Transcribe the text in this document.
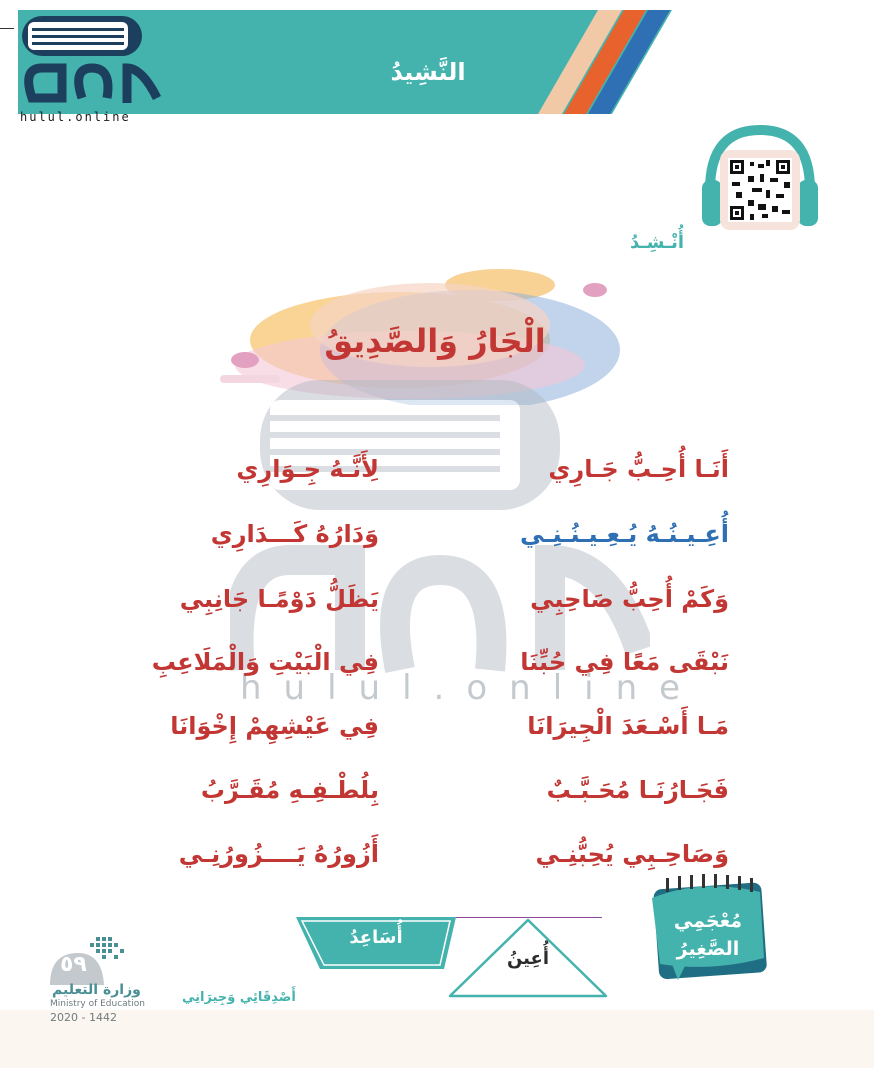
النَّشِيدُ
hulul.online
أُنْـشِـدُ
الْجَارُ وَالصَّدِيقُ
hulul.online
أَنَـا أُحِـبُّ جَـارِي
لِأَنَّـهُ جِـوَارِي
أُعِـيـنُـهُ يُـعِـيـنُـنِـي
وَدَارُهُ كَـــدَارِي
وَكَمْ أُحِبُّ صَاحِبِي
يَظَلُّ دَوْمًـا جَانِبِي
نَبْقَى مَعًا فِي حُبِّنَا
فِي الْبَيْتِ وَالْمَلَاعِبِ
مَـا أَسْـعَدَ الْجِيرَانَا
فِي عَيْشِهِمْ إِخْوَانَا
فَجَـارُنَـا مُحَـبَّـبٌ
بِلُطْـفِـهِ مُقَـرَّبُ
وَصَاحِـبِي يُحِبُّنِـي
أَزُورُهُ يَــــزُورُنِـي
أُسَاعِدُ
أُعِينُ
مُعْجَمِي
الصَّغِيرُ
وزارة التعليم
Ministry of Education
2020 - 1442
٥٩
أَصْدِقَائِي وَجِيرَانِي
